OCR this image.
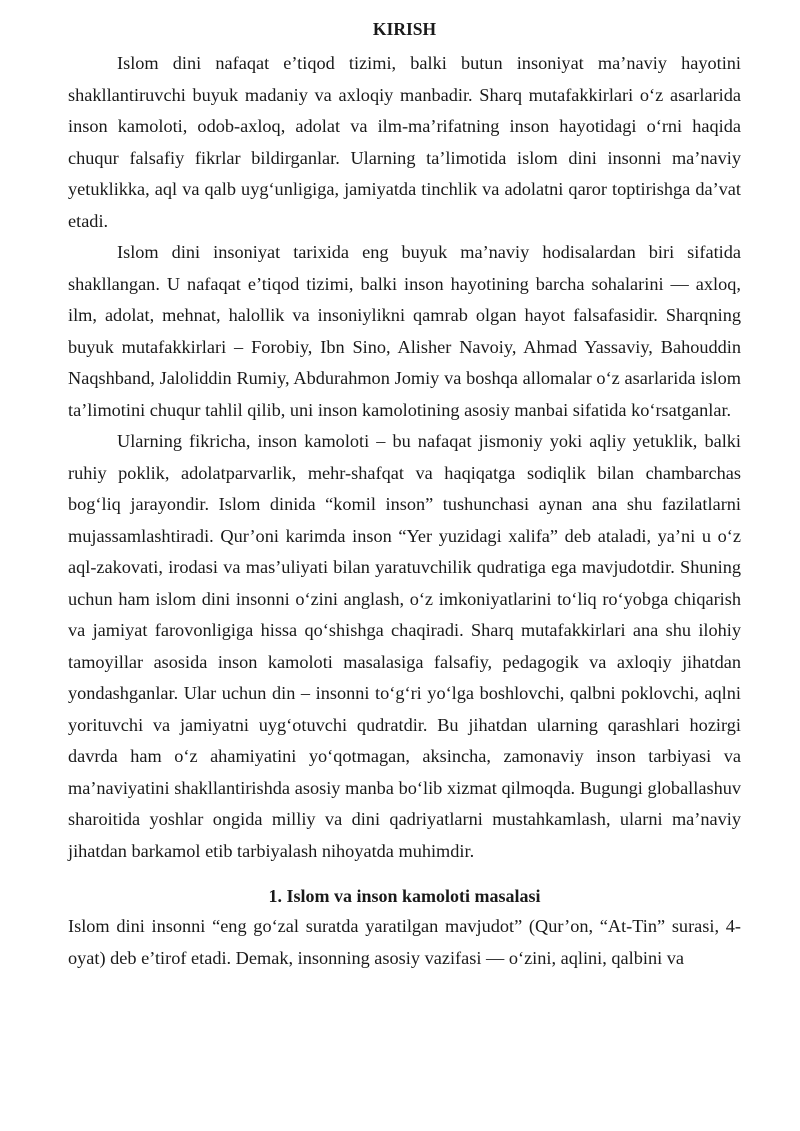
KIRISH

Islom dini nafaqat e’tiqod tizimi, balki butun insoniyat ma’naviy hayotini shakllantiruvchi buyuk madaniy va axloqiy manbadir. Sharq mutafakkirlari o‘z asarlarida inson kamoloti, odob-axloq, adolat va ilm-ma’rifatning inson hayotidagi o‘rni haqida chuqur falsafiy fikrlar bildirganlar. Ularning ta’limotida islom dini insonni ma’naviy yetuklikka, aql va qalb uyg‘unligiga, jamiyatda tinchlik va adolatni qaror toptirishga da’vat etadi.

Islom dini insoniyat tarixida eng buyuk ma’naviy hodisalardan biri sifatida shakllangan. U nafaqat e’tiqod tizimi, balki inson hayotining barcha sohalarini — axloq, ilm, adolat, mehnat, halollik va insoniylikni qamrab olgan hayot falsafasidir. Sharqning buyuk mutafakkirlari – Forobiy, Ibn Sino, Alisher Navoiy, Ahmad Yassaviy, Bahouddin Naqshband, Jaloliddin Rumiy, Abdurahmon Jomiy va boshqa allomalar o‘z asarlarida islom ta’limotini chuqur tahlil qilib, uni inson kamolotining asosiy manbai sifatida ko‘rsatganlar.

Ularning fikricha, inson kamoloti – bu nafaqat jismoniy yoki aqliy yetuklik, balki ruhiy poklik, adolatparvarlik, mehr-shafqat va haqiqatga sodiqlik bilan chambarchas bog‘liq jarayondir. Islom dinida “komil inson” tushunchasi aynan ana shu fazilatlarni mujassamlashtiradi. Qur’oni karimda inson “Yer yuzidagi xalifa” deb ataladi, ya’ni u o‘z aql-zakovati, irodasi va mas’uliyati bilan yaratuvchilik qudratiga ega mavjudotdir. Shuning uchun ham islom dini insonni o‘zini anglash, o‘z imkoniyatlarini to‘liq ro‘yobga chiqarish va jamiyat farovonligiga hissa qo‘shishga chaqiradi. Sharq mutafakkirlari ana shu ilohiy tamoyillar asosida inson kamoloti masalasiga falsafiy, pedagogik va axloqiy jihatdan yondashganlar. Ular uchun din – insonni to‘g‘ri yo‘lga boshlovchi, qalbni poklovchi, aqlni yorituvchi va jamiyatni uyg‘otuvchi qudratdir. Bu jihatdan ularning qarashlari hozirgi davrda ham o‘z ahamiyatini yo‘qotmagan, aksincha, zamonaviy inson tarbiyasi va ma’naviyatini shakllantirishda asosiy manba bo‘lib xizmat qilmoqda. Bugungi globallashuv sharoitida yoshlar ongida milliy va dini qadriyatlarni mustahkamlash, ularni ma’naviy jihatdan barkamol etib tarbiyalash nihoyatda muhimdir.

1. Islom va inson kamoloti masalasi

Islom dini insonni “eng go‘zal suratda yaratilgan mavjudot” (Qur’on, “At-Tin” surasi, 4-oyat) deb e’tirof etadi. Demak, insonning asosiy vazifasi — o‘zini, aqlini, qalbini va
